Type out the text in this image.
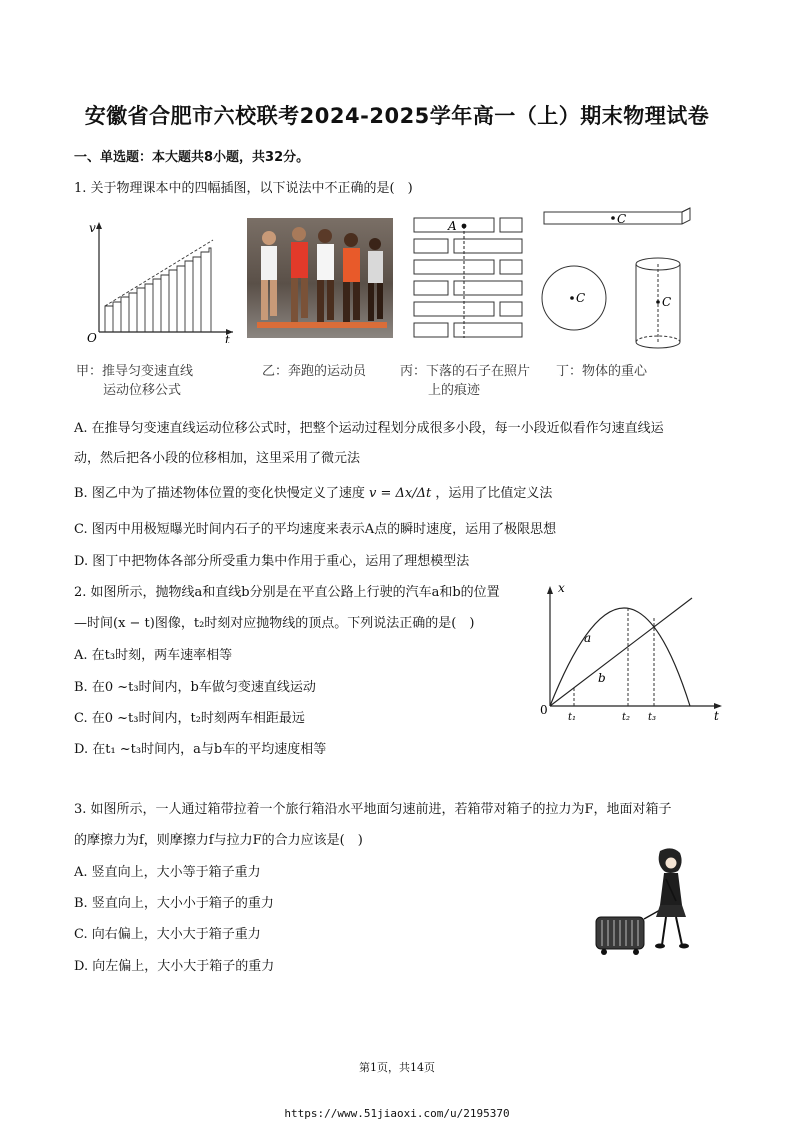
安徽省合肥市六校联考2024-2025学年高一（上）期末物理试卷
一、单选题：本大题共8小题，共32分。
1. 关于物理课本中的四幅插图，以下说法中不正确的是(　)
v
t
O
A	C
C	C
甲：推导匀变速直线
运动位移公式
乙：奔跑的运动员	丙：下落的石子在照片
上的痕迹
丁：物体的重心
A. 在推导匀变速直线运动位移公式时，把整个运动过程划分成很多小段，每一小段近似看作匀速直线运
动，然后把各小段的位移相加，这里采用了微元法
B. 图乙中为了描述物体位置的变化快慢定义了速度 v = Δx/Δt ，运用了比值定义法
C. 图丙中用极短曝光时间内石子的平均速度来表示A点的瞬时速度，运用了极限思想
D. 图丁中把物体各部分所受重力集中作用于重心，运用了理想模型法
2. 如图所示，抛物线a和直线b分别是在平直公路上行驶的汽车a和b的位置
—时间(x − t)图像，t₂时刻对应抛物线的顶点。下列说法正确的是(　)
A. 在t₃时刻，两车速率相等
B. 在0 ~t₃时间内，b车做匀变速直线运动
C. 在0 ~t₃时间内，t₂时刻两车相距最远
D. 在t₁ ~t₃时间内，a与b车的平均速度相等
x
t
0
a
b
t₁	t₂ t₃
3. 如图所示，一人通过箱带拉着一个旅行箱沿水平地面匀速前进，若箱带对箱子的拉力为F，地面对箱子
的摩擦力为f，则摩擦力f与拉力F的合力应该是(　)
A. 竖直向上，大小等于箱子重力
B. 竖直向上，大小小于箱子的重力
C. 向右偏上，大小大于箱子重力
D. 向左偏上，大小大于箱子的重力
第1页，共14页
https://www.51jiaoxi.com/u/2195370
